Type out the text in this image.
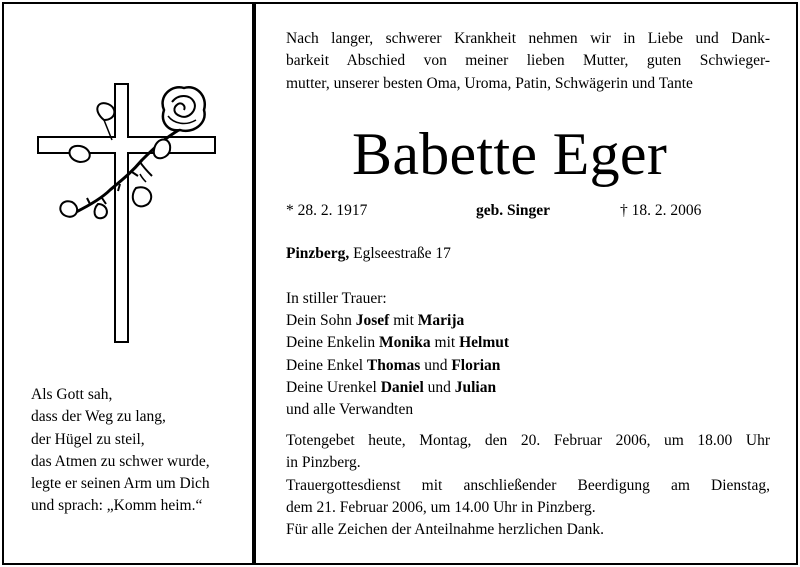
Als Gott sah,
dass der Weg zu lang,
der Hügel zu steil,
das Atmen zu schwer wurde,
legte er seinen Arm um Dich
und sprach: „Komm heim.“
Nach langer, schwerer Krankheit nehmen wir in Liebe und Dank-
barkeit Abschied von meiner lieben Mutter, guten Schwieger-
mutter, unserer besten Oma, Uroma, Patin, Schwägerin und Tante
Babette Eger
* 28. 2. 1917	geb. Singer	† 18. 2. 2006
Pinzberg, Eglseestraße 17
In stiller Trauer:
Dein Sohn Josef mit Marija
Deine Enkelin Monika mit Helmut
Deine Enkel Thomas und Florian
Deine Urenkel Daniel und Julian
und alle Verwandten
Totengebet heute, Montag, den 20. Februar 2006, um 18.00 Uhr
in Pinzberg.
Trauergottesdienst mit anschließender Beerdigung am Dienstag,
dem 21. Februar 2006, um 14.00 Uhr in Pinzberg.
Für alle Zeichen der Anteilnahme herzlichen Dank.
